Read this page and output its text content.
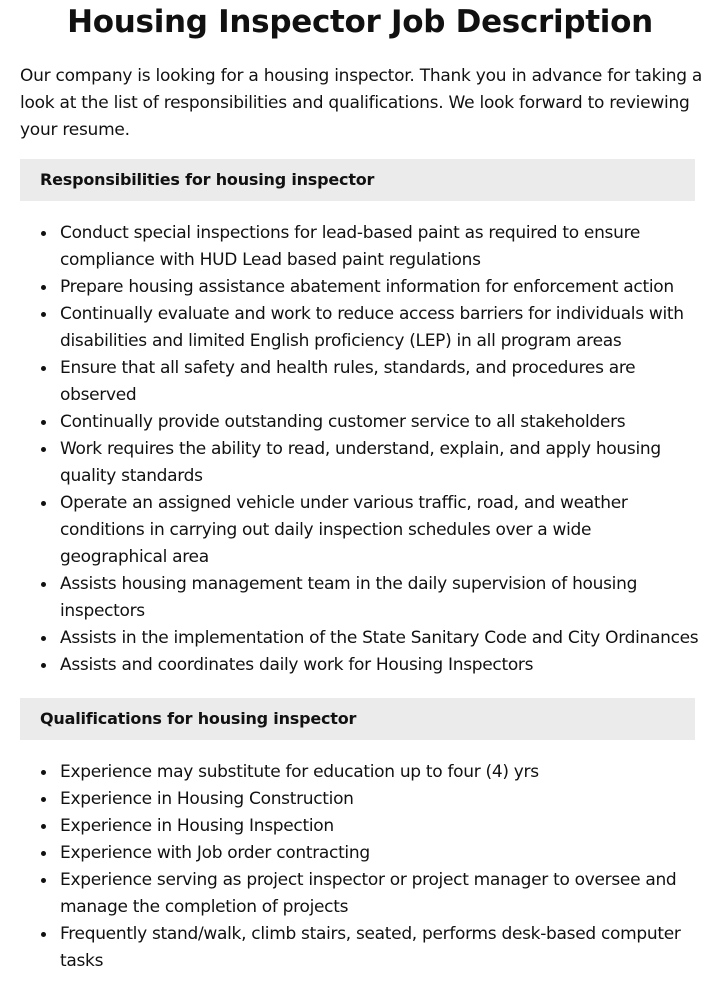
Housing Inspector Job Description

Our company is looking for a housing inspector. Thank you in advance for taking a look at the list of responsibilities and qualifications. We look forward to reviewing your resume.

Responsibilities for housing inspector
Conduct special inspections for lead-based paint as required to ensure compliance with HUD Lead based paint regulations
Prepare housing assistance abatement information for enforcement action
Continually evaluate and work to reduce access barriers for individuals with disabilities and limited English proficiency (LEP) in all program areas
Ensure that all safety and health rules, standards, and procedures are observed
Continually provide outstanding customer service to all stakeholders
Work requires the ability to read, understand, explain, and apply housing quality standards
Operate an assigned vehicle under various traffic, road, and weather conditions in carrying out daily inspection schedules over a wide geographical area
Assists housing management team in the daily supervision of housing inspectors
Assists in the implementation of the State Sanitary Code and City Ordinances
Assists and coordinates daily work for Housing Inspectors
Qualifications for housing inspector
Experience may substitute for education up to four (4) yrs
Experience in Housing Construction
Experience in Housing Inspection
Experience with Job order contracting
Experience serving as project inspector or project manager to oversee and manage the completion of projects
Frequently stand/walk, climb stairs, seated, performs desk-based computer tasks
